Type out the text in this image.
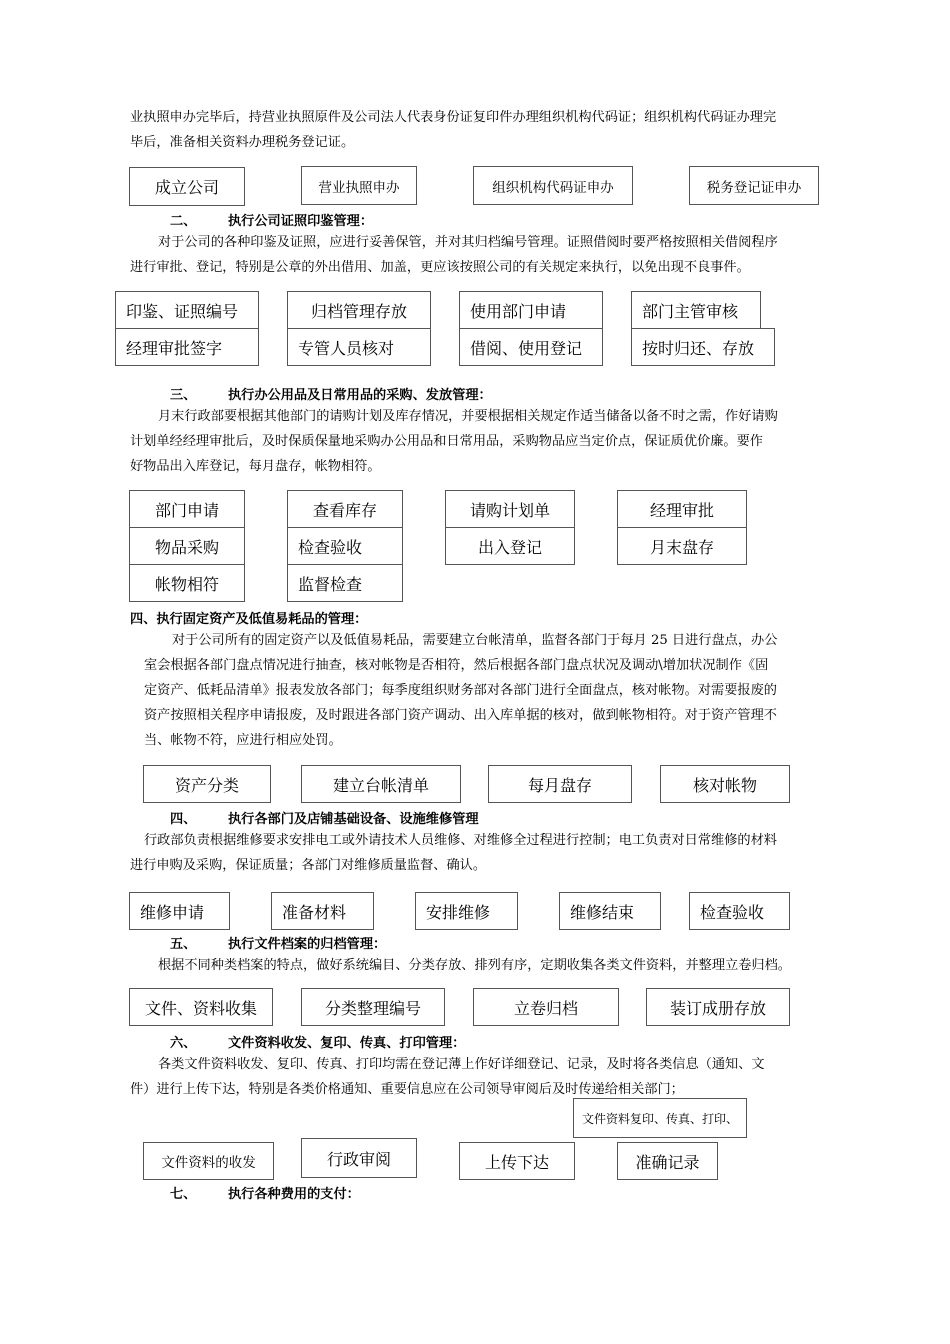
业执照申办完毕后，持营业执照原件及公司法人代表身份证复印件办理组织机构代码证；组织机构代码证办理完
毕后，准备相关资料办理税务登记证。
成立公司	营业执照申办	组织机构代码证申办	税务登记证申办
二、 执行公司证照印鉴管理：
对于公司的各种印鉴及证照，应进行妥善保管，并对其归档编号管理。证照借阅时要严格按照相关借阅程序
进行审批、登记，特别是公章的外出借用、加盖，更应该按照公司的有关规定来执行，以免出现不良事件。
印鉴、证照编号
经理审批签字
归档管理存放
专管人员核对
使用部门申请
借阅、使用登记
部门主管审核
按时归还、存放
三、 执行办公用品及日常用品的采购、发放管理：
月末行政部要根据其他部门的请购计划及库存情况，并要根据相关规定作适当储备以备不时之需，作好请购
计划单经经理审批后，及时保质保量地采购办公用品和日常用品，采购物品应当定价点，保证质优价廉。要作
好物品出入库登记，每月盘存，帐物相符。
部门申请
物品采购
帐物相符
查看库存
检查验收
监督检查
请购计划单
出入登记
经理审批
月末盘存
四、执行固定资产及低值易耗品的管理：
对于公司所有的固定资产以及低值易耗品，需要建立台帐清单，监督各部门于每月 25 日进行盘点，办公
室会根据各部门盘点情况进行抽查，核对帐物是否相符，然后根据各部门盘点状况及调动\增加状况制作《固
定资产、低耗品清单》报表发放各部门；每季度组织财务部对各部门进行全面盘点，核对帐物。对需要报废的
资产按照相关程序申请报废，及时跟进各部门资产调动、出入库单据的核对，做到帐物相符。对于资产管理不
当、帐物不符，应进行相应处罚。
资产分类	建立台帐清单	每月盘存	核对帐物
四、 执行各部门及店铺基础设备、设施维修管理
行政部负责根据维修要求安排电工或外请技术人员维修、对维修全过程进行控制；电工负责对日常维修的材料
进行申购及采购，保证质量；各部门对维修质量监督、确认。
维修申请	准备材料	安排维修	维修结束	检查验收
五、 执行文件档案的归档管理：
根据不同种类档案的特点，做好系统编目、分类存放、排列有序，定期收集各类文件资料，并整理立卷归档。
文件、资料收集	分类整理编号	立卷归档	装订成册存放
六、 文件资料收发、复印、传真、打印管理：
各类文件资料收发、复印、传真、打印均需在登记薄上作好详细登记、记录，及时将各类信息（通知、文
件）进行上传下达，特别是各类价格通知、重要信息应在公司领导审阅后及时传递给相关部门；
文件资料复印、传真、打印、
文件资料的收发	行政审阅	上传下达	准确记录
七、 执行各种费用的支付：
